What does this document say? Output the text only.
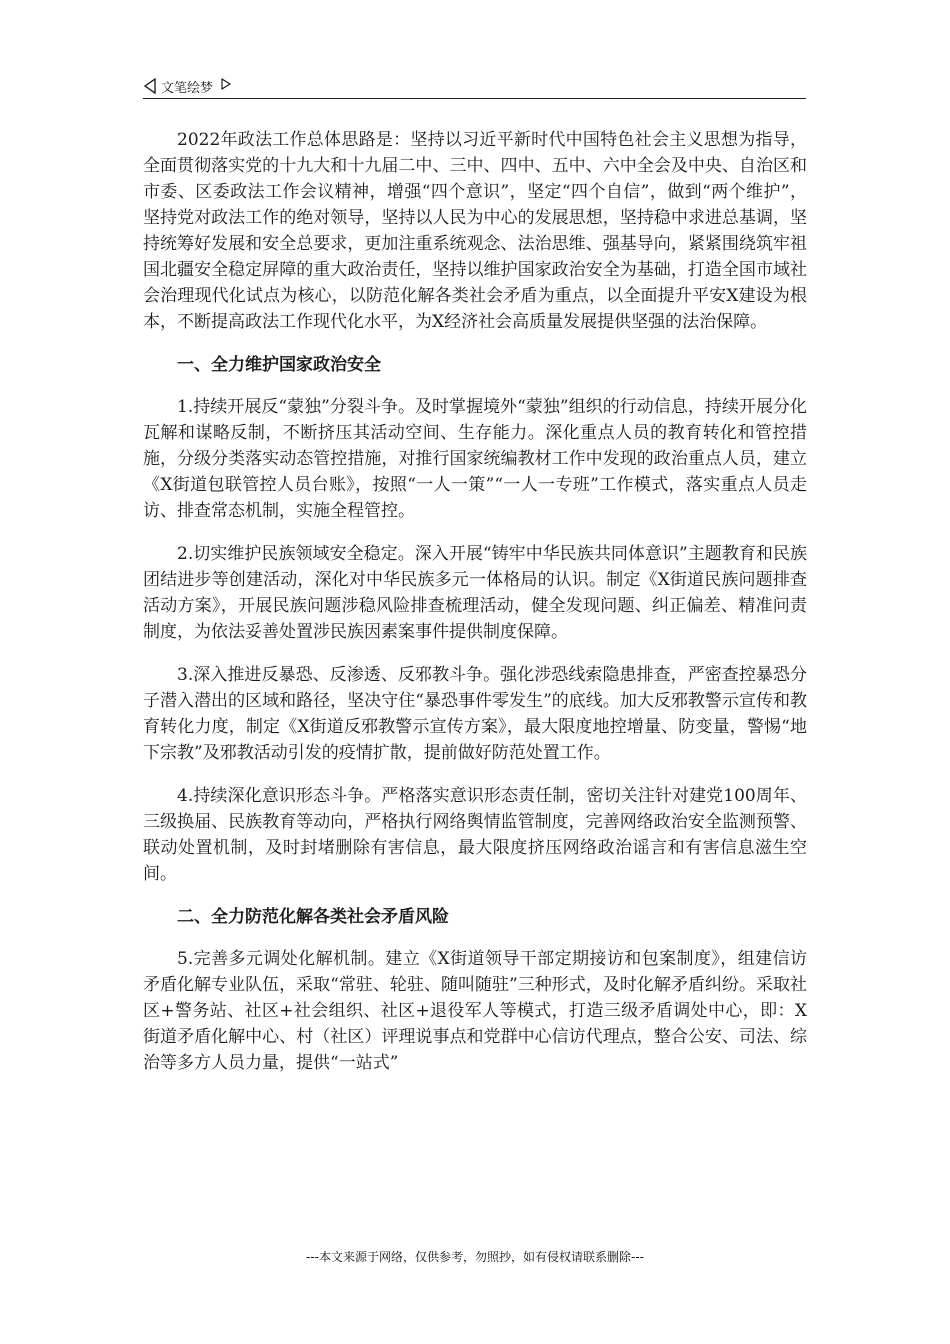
文笔绘梦

2022年政法工作总体思路是：坚持以习近平新时代中国特色社会主义思想为指导，全面贯彻落实党的十九大和十九届二中、三中、四中、五中、六中全会及中央、自治区和市委、区委政法工作会议精神，增强“四个意识”，坚定“四个自信”，做到“两个维护”，坚持党对政法工作的绝对领导，坚持以人民为中心的发展思想，坚持稳中求进总基调，坚持统筹好发展和安全总要求，更加注重系统观念、法治思维、强基导向，紧紧围绕筑牢祖国北疆安全稳定屏障的重大政治责任，坚持以维护国家政治安全为基础，打造全国市域社会治理现代化试点为核心，以防范化解各类社会矛盾为重点，以全面提升平安X建设为根本，不断提高政法工作现代化水平，为X经济社会高质量发展提供坚强的法治保障。

一、全力维护国家政治安全

1.持续开展反“蒙独”分裂斗争。及时掌握境外“蒙独”组织的行动信息，持续开展分化瓦解和谋略反制，不断挤压其活动空间、生存能力。深化重点人员的教育转化和管控措施，分级分类落实动态管控措施，对推行国家统编教材工作中发现的政治重点人员，建立《X街道包联管控人员台账》，按照“一人一策”“一人一专班”工作模式，落实重点人员走访、排查常态机制，实施全程管控。

2.切实维护民族领域安全稳定。深入开展“铸牢中华民族共同体意识”主题教育和民族团结进步等创建活动，深化对中华民族多元一体格局的认识。制定《X街道民族问题排查活动方案》，开展民族问题涉稳风险排查梳理活动，健全发现问题、纠正偏差、精准问责制度，为依法妥善处置涉民族因素案事件提供制度保障。

3.深入推进反暴恐、反渗透、反邪教斗争。强化涉恐线索隐患排查，严密查控暴恐分子潜入潜出的区域和路径，坚决守住“暴恐事件零发生”的底线。加大反邪教警示宣传和教育转化力度，制定《X街道反邪教警示宣传方案》，最大限度地控增量、防变量，警惕“地下宗教”及邪教活动引发的疫情扩散，提前做好防范处置工作。

4.持续深化意识形态斗争。严格落实意识形态责任制，密切关注针对建党100周年、三级换届、民族教育等动向，严格执行网络舆情监管制度，完善网络政治安全监测预警、联动处置机制，及时封堵删除有害信息，最大限度挤压网络政治谣言和有害信息滋生空间。

二、全力防范化解各类社会矛盾风险

5.完善多元调处化解机制。建立《X街道领导干部定期接访和包案制度》，组建信访矛盾化解专业队伍，采取“常驻、轮驻、随叫随驻”三种形式，及时化解矛盾纠纷。采取社区+警务站、社区+社会组织、社区+退役军人等模式，打造三级矛盾调处中心，即：X街道矛盾化解中心、村（社区）评理说事点和党群中心信访代理点，整合公安、司法、综治等多方人员力量，提供“一站式”

---本文来源于网络，仅供参考，勿照抄，如有侵权请联系删除---
